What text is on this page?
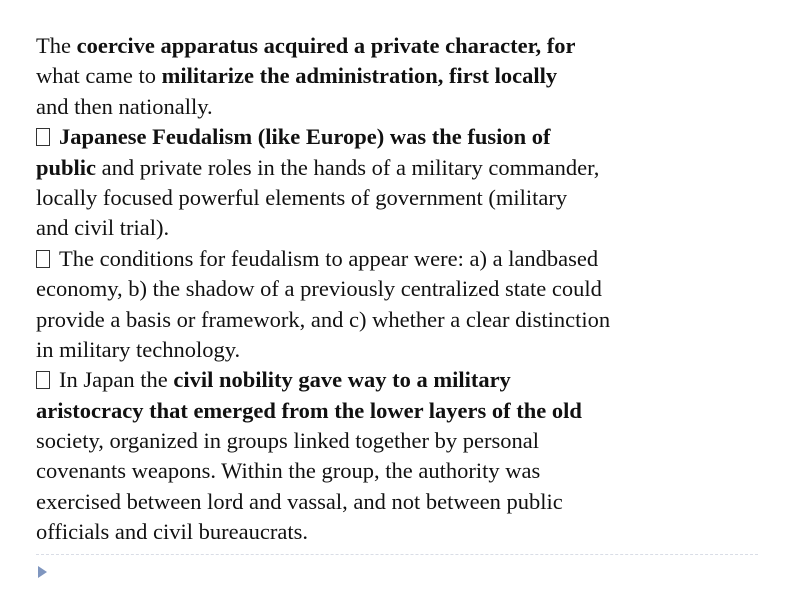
The coercive apparatus acquired a private character, for
what came to militarize the administration, first locally
and then nationally.
Japanese Feudalism (like Europe) was the fusion of
public and private roles in the hands of a military commander,
locally focused powerful elements of government (military
and civil trial).
The conditions for feudalism to appear were: a) a landbased
economy, b) the shadow of a previously centralized state could
provide a basis or framework, and c) whether a clear distinction
in military technology.
In Japan the civil nobility gave way to a military
aristocracy that emerged from the lower layers of the old
society, organized in groups linked together by personal
covenants weapons. Within the group, the authority was
exercised between lord and vassal, and not between public
officials and civil bureaucrats.
